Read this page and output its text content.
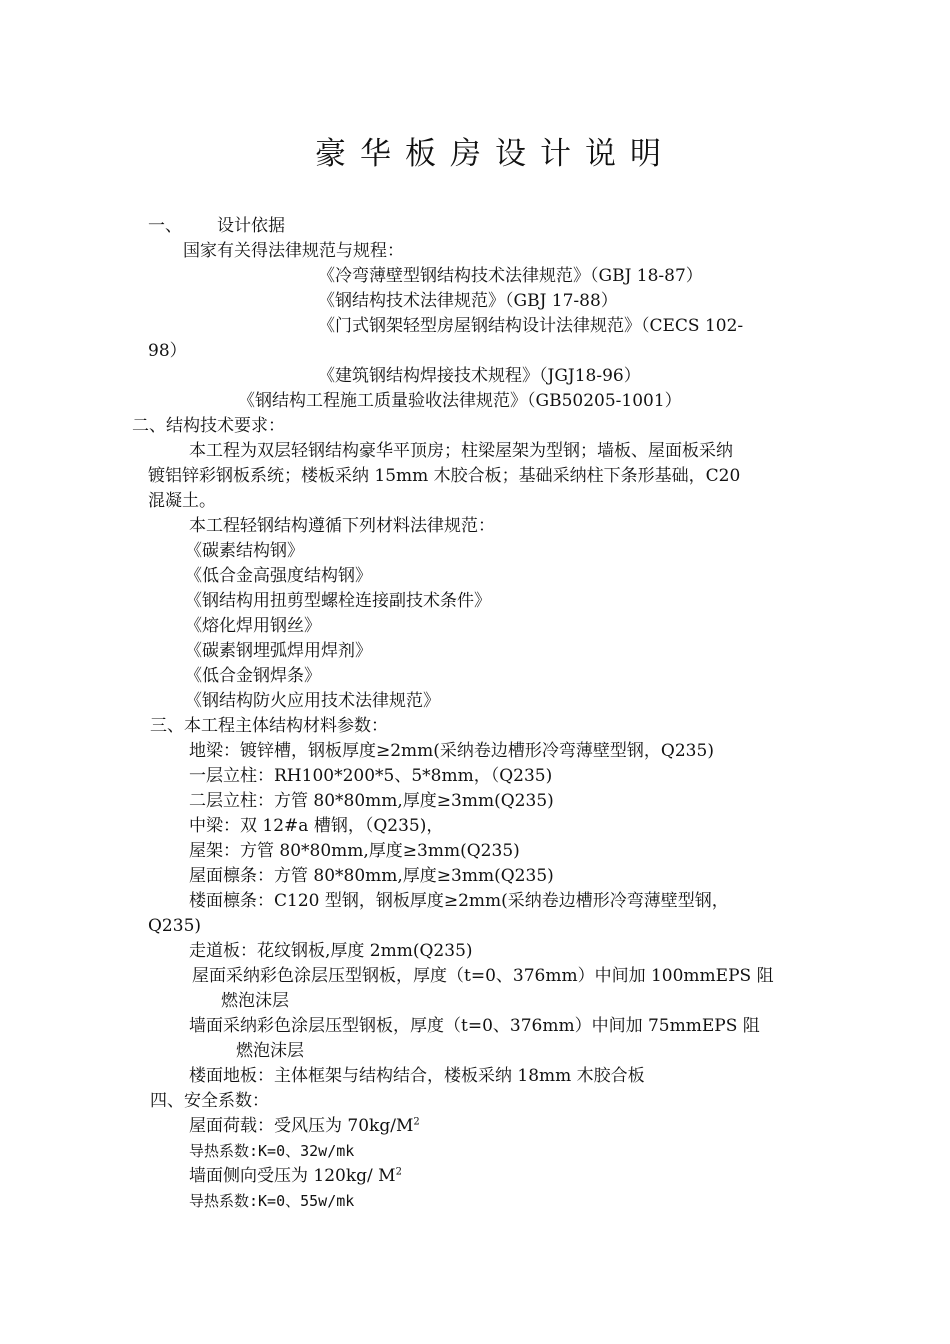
豪华板房设计说明
一、 设计依据
国家有关得法律规范与规程：
《冷弯薄壁型钢结构技术法律规范》（GBJ 18-87）
《钢结构技术法律规范》（GBJ 17-88）
《门式钢架轻型房屋钢结构设计法律规范》（CECS 102-
98）
《建筑钢结构焊接技术规程》（JGJ18-96）
《钢结构工程施工质量验收法律规范》（GB50205-1001）
二、结构技术要求：
本工程为双层轻钢结构豪华平顶房；柱梁屋架为型钢；墙板、屋面板采纳
镀铝锌彩钢板系统；楼板采纳 15mm 木胶合板；基础采纳柱下条形基础，C20
混凝土。
本工程轻钢结构遵循下列材料法律规范：
《碳素结构钢》
《低合金高强度结构钢》
《钢结构用扭剪型螺栓连接副技术条件》
《熔化焊用钢丝》
《碳素钢埋弧焊用焊剂》
《低合金钢焊条》
《钢结构防火应用技术法律规范》
三、本工程主体结构材料参数：
地梁：镀锌槽，钢板厚度≥2mm(采纳卷边槽形冷弯薄壁型钢，Q235)
一层立柱：RH100*200*5、5*8mm，（Q235)
二层立柱：方管 80*80mm,厚度≥3mm(Q235)
中梁：双 12#a 槽钢，（Q235)，
屋架：方管 80*80mm,厚度≥3mm(Q235)
屋面檩条：方管 80*80mm,厚度≥3mm(Q235)
楼面檩条：C120 型钢，钢板厚度≥2mm(采纳卷边槽形冷弯薄壁型钢，
Q235)
走道板：花纹钢板,厚度 2mm(Q235)
屋面采纳彩色涂层压型钢板，厚度（t=0、376mm）中间加 100mmEPS 阻
燃泡沫层
墙面采纳彩色涂层压型钢板，厚度（t=0、376mm）中间加 75mmEPS 阻
燃泡沫层
楼面地板：主体框架与结构结合，楼板采纳 18mm 木胶合板
四、安全系数：
屋面荷载：受风压为 $70kg/M^2$
导热系数:K=0、32w/mk
墙面侧向受压为 120kg/ $M^2$
导热系数:K=0、55w/mk
